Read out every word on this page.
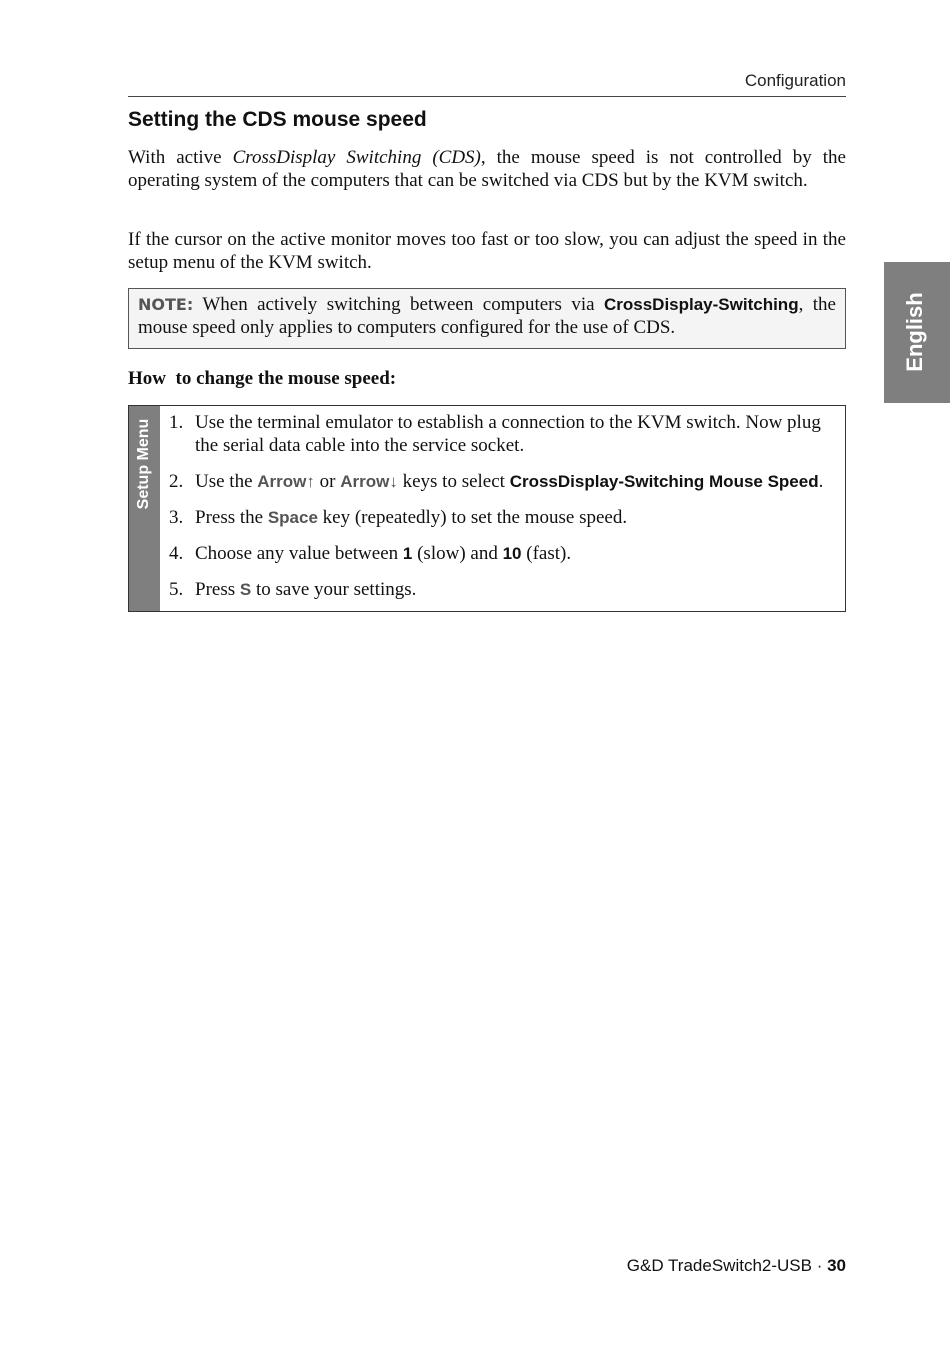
Configuration
Setting the CDS mouse speed

With active CrossDisplay Switching (CDS), the mouse speed is not controlled by the operating system of the computers that can be switched via CDS but by the KVM switch.

If the cursor on the active monitor moves too fast or too slow, you can adjust the speed in the setup menu of the KVM switch.

NOTE: When actively switching between computers via CrossDisplay-Switching, the mouse speed only applies to computers configured for the use of CDS.
How  to change the mouse speed:
Setup Menu 1. Use the terminal emulator to establish a connection to the KVM switch. Now plug the serial data cable into the service socket.
2. Use the Arrow↑ or Arrow↓ keys to select CrossDisplay-Switching Mouse Speed.
3. Press the Space key (repeatedly) to set the mouse speed.
4. Choose any value between 1 (slow) and 10 (fast).
5. Press S to save your settings.
English
G&D TradeSwitch2-USB · 30
